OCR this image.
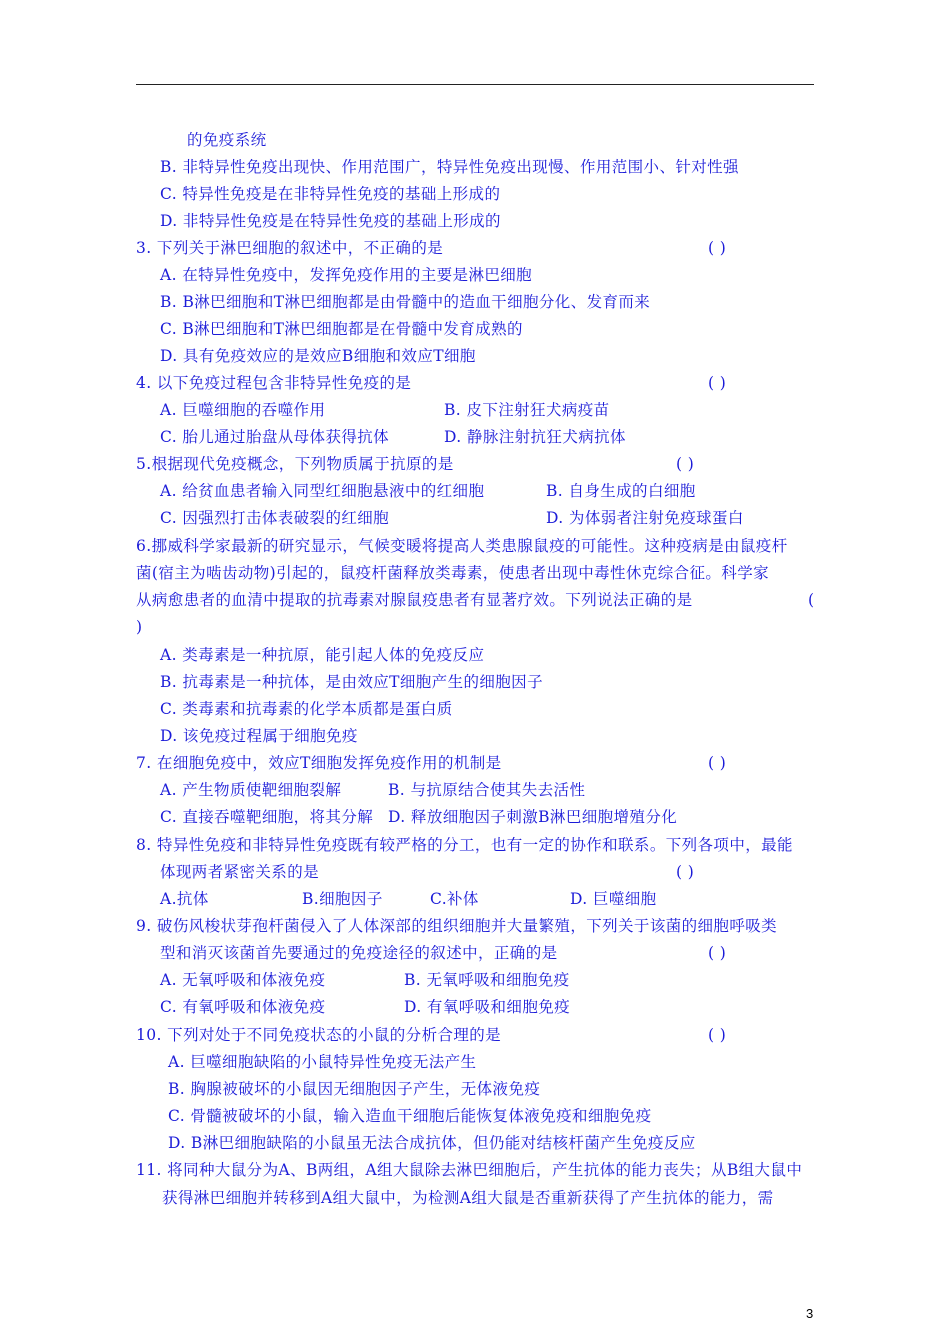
的免疫系统
B. 非特异性免疫出现快、作用范围广，特异性免疫出现慢、作用范围小、针对性强
C. 特异性免疫是在非特异性免疫的基础上形成的
D. 非特异性免疫是在特异性免疫的基础上形成的
3. 下列关于淋巴细胞的叙述中，不正确的是	( )
A. 在特异性免疫中，发挥免疫作用的主要是淋巴细胞
B. B淋巴细胞和T淋巴细胞都是由骨髓中的造血干细胞分化、发育而来
C. B淋巴细胞和T淋巴细胞都是在骨髓中发育成熟的
D. 具有免疫效应的是效应B细胞和效应T细胞
4. 以下免疫过程包含非特异性免疫的是	( )
A. 巨噬细胞的吞噬作用	B. 皮下注射狂犬病疫苗
C. 胎儿通过胎盘从母体获得抗体	D. 静脉注射抗狂犬病抗体
5.根据现代免疫概念，下列物质属于抗原的是	( )
A. 给贫血患者输入同型红细胞悬液中的红细胞	B. 自身生成的白细胞
C. 因强烈打击体表破裂的红细胞	D. 为体弱者注射免疫球蛋白
6.挪威科学家最新的研究显示，气候变暖将提高人类患腺鼠疫的可能性。这种疫病是由鼠疫杆
菌(宿主为啮齿动物)引起的，鼠疫杆菌释放类毒素，使患者出现中毒性休克综合征。科学家
从病愈患者的血清中提取的抗毒素对腺鼠疫患者有显著疗效。下列说法正确的是	(
)
A. 类毒素是一种抗原，能引起人体的免疫反应
B. 抗毒素是一种抗体，是由效应T细胞产生的细胞因子
C. 类毒素和抗毒素的化学本质都是蛋白质
D. 该免疫过程属于细胞免疫
7. 在细胞免疫中，效应T细胞发挥免疫作用的机制是	( )
A. 产生物质使靶细胞裂解	B. 与抗原结合使其失去活性
C. 直接吞噬靶细胞，将其分解 D. 释放细胞因子刺激B淋巴细胞增殖分化
8. 特异性免疫和非特异性免疫既有较严格的分工，也有一定的协作和联系。下列各项中，最能
体现两者紧密关系的是	( )
A.抗体	B.细胞因子	C.补体	D. 巨噬细胞
9. 破伤风梭状芽孢杆菌侵入了人体深部的组织细胞并大量繁殖，下列关于该菌的细胞呼吸类
型和消灭该菌首先要通过的免疫途径的叙述中，正确的是	( )
A. 无氧呼吸和体液免疫	B. 无氧呼吸和细胞免疫
C. 有氧呼吸和体液免疫	D. 有氧呼吸和细胞免疫
10. 下列对处于不同免疫状态的小鼠的分析合理的是	( )
A. 巨噬细胞缺陷的小鼠特异性免疫无法产生
B. 胸腺被破坏的小鼠因无细胞因子产生，无体液免疫
C. 骨髓被破坏的小鼠，输入造血干细胞后能恢复体液免疫和细胞免疫
D. B淋巴细胞缺陷的小鼠虽无法合成抗体，但仍能对结核杆菌产生免疫反应
11. 将同种大鼠分为A、B两组，A组大鼠除去淋巴细胞后，产生抗体的能力丧失；从B组大鼠中
获得淋巴细胞并转移到A组大鼠中，为检测A组大鼠是否重新获得了产生抗体的能力，需
3
